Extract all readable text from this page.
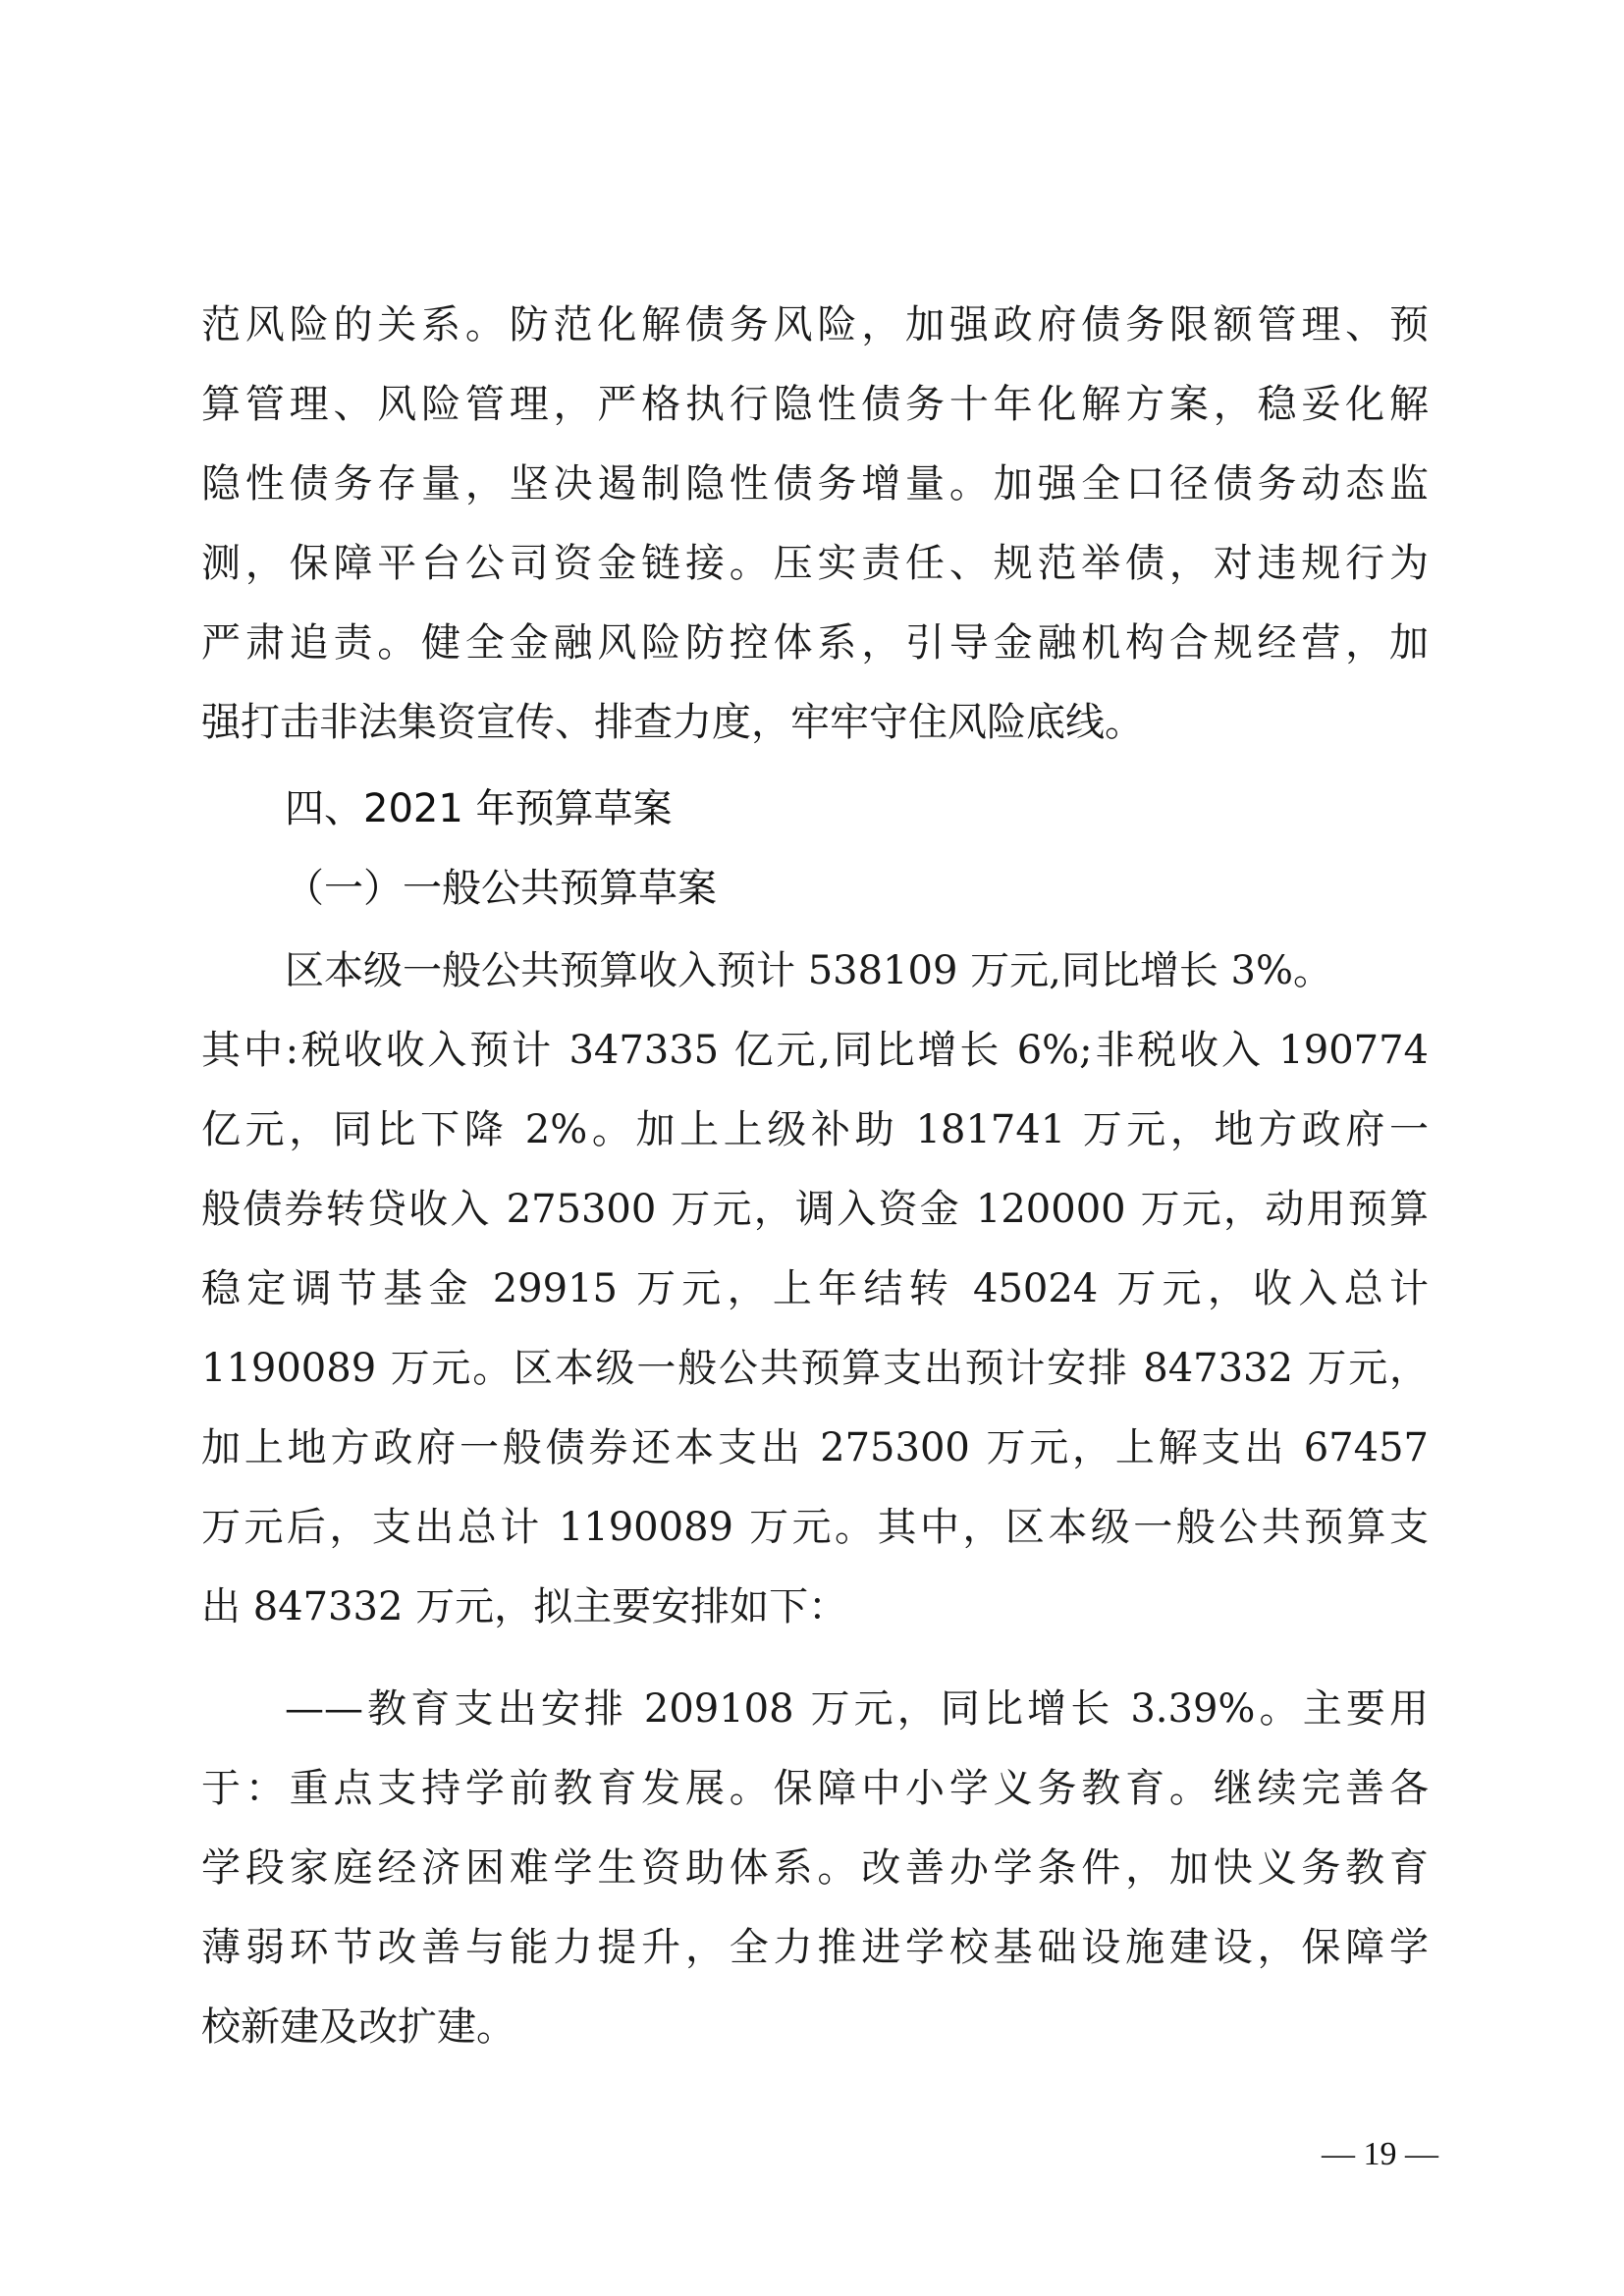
范风险的关系。防范化解债务风险，加强政府债务限额管理、预
算管理、风险管理，严格执行隐性债务十年化解方案，稳妥化解
隐性债务存量，坚决遏制隐性债务增量。加强全口径债务动态监
测，保障平台公司资金链接。压实责任、规范举债，对违规行为
严肃追责。健全金融风险防控体系，引导金融机构合规经营，加
强打击非法集资宣传、排查力度，牢牢守住风险底线。
四、2021 年预算草案
（一）一般公共预算草案
区本级一般公共预算收入预计 538109 万元,同比增长 3%。
其中:税收收入预计 347335 亿元,同比增长 6%;非税收入 190774
亿元，同比下降 2%。加上上级补助 181741 万元，地方政府一
般债券转贷收入 275300 万元，调入资金 120000 万元，动用预算
稳定调节基金 29915 万元，上年结转 45024 万元，收入总计
1190089 万元。区本级一般公共预算支出预计安排 847332 万元，
加上地方政府一般债券还本支出 275300 万元，上解支出 67457
万元后，支出总计 1190089 万元。其中，区本级一般公共预算支
出 847332 万元，拟主要安排如下：
——教育支出安排 209108 万元，同比增长 3.39%。主要用
于：重点支持学前教育发展。保障中小学义务教育。继续完善各
学段家庭经济困难学生资助体系。改善办学条件，加快义务教育
薄弱环节改善与能力提升，全力推进学校基础设施建设，保障学
校新建及改扩建。
— 19 —
